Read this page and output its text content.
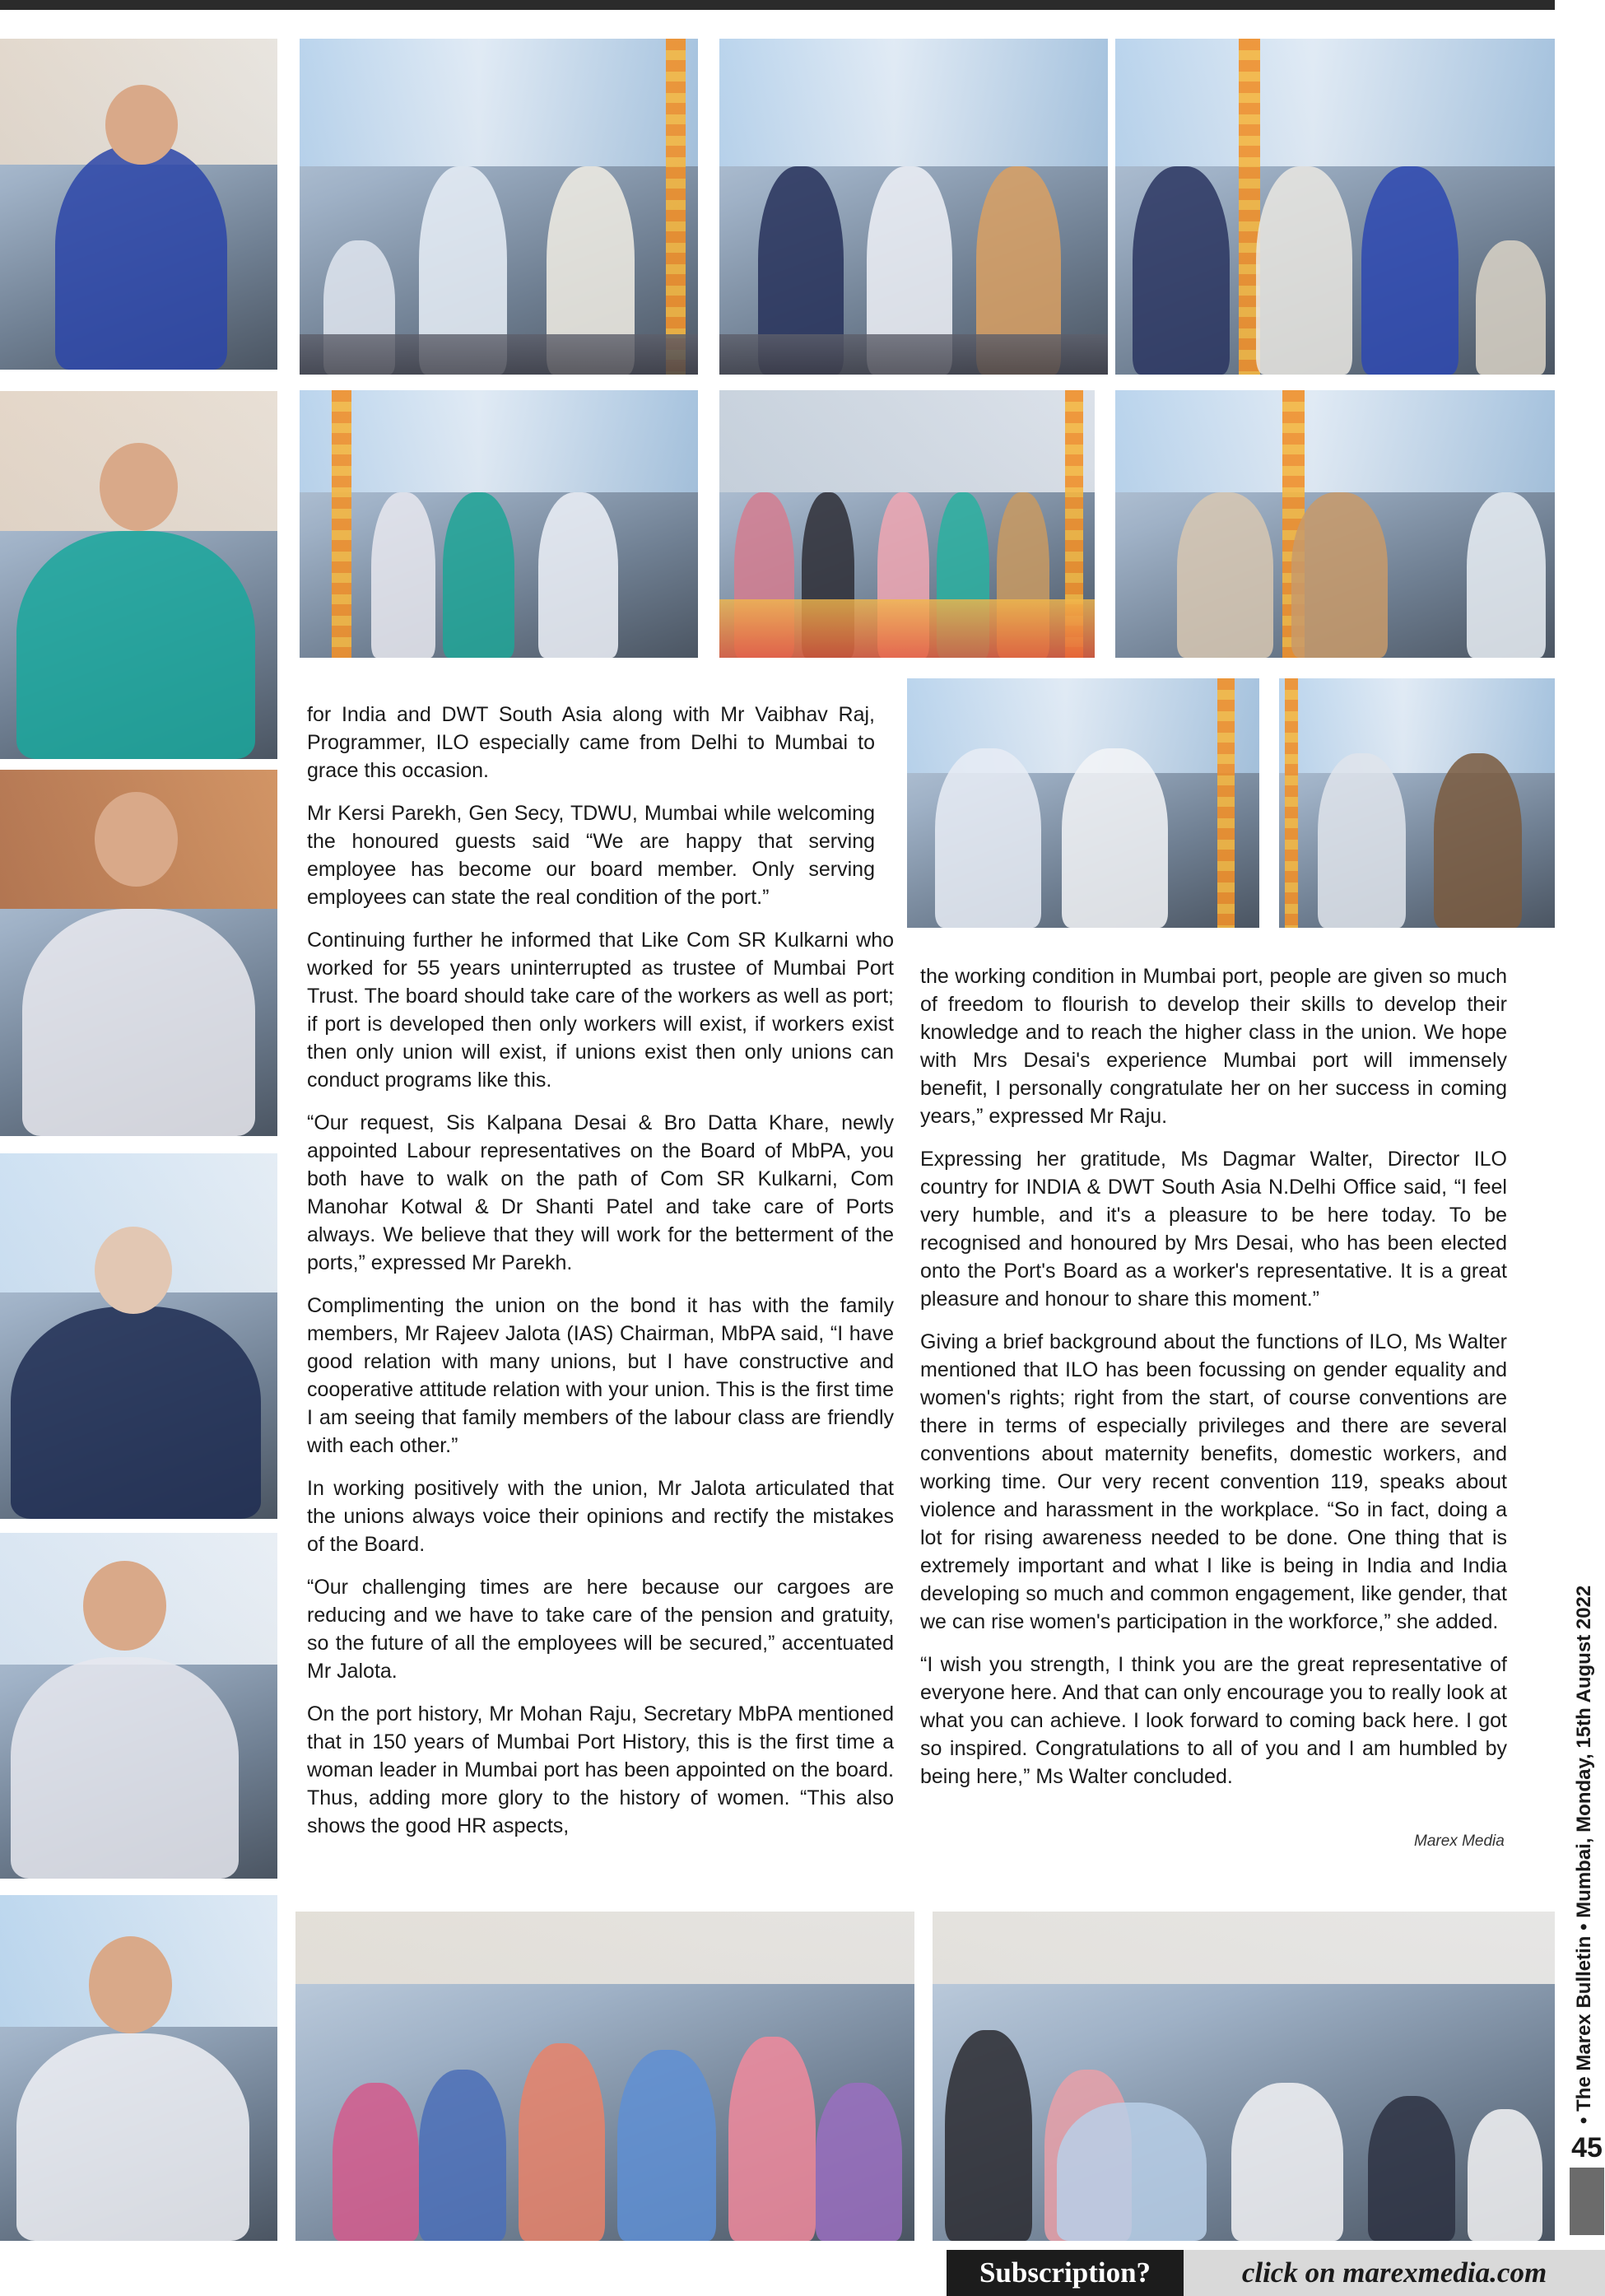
for India and DWT South Asia along with Mr Vaibhav Raj, Programmer, ILO especially came from Delhi to Mumbai to grace this occasion.

Mr Kersi Parekh, Gen Secy, TDWU, Mumbai while welcoming the honoured guests said “We are happy that serving employee has become our board member. Only serving employees can state the real condition of the port.”

Continuing further he informed that Like Com SR Kulkarni who worked for 55 years uninterrupted as trustee of Mumbai Port Trust. The board should take care of the workers as well as port; if port is developed then only workers will exist, if workers exist then only union will exist, if unions exist then only unions can conduct programs like this.

“Our request, Sis Kalpana Desai & Bro Datta Khare, newly appointed Labour representatives on the Board of MbPA, you both have to walk on the path of Com SR Kulkarni, Com Manohar Kotwal & Dr Shanti Patel and take care of Ports always. We believe that they will work for the betterment of the ports,” expressed Mr Parekh.

Complimenting the union on the bond it has with the family members, Mr Rajeev Jalota (IAS) Chairman, MbPA said, “I have good relation with many unions, but I have constructive and cooperative attitude relation with your union. This is the first time I am seeing that family members of the labour class are friendly with each other.”

In working positively with the union, Mr Jalota articulated that the unions always voice their opinions and rectify the mistakes of the Board.

“Our challenging times are here because our cargoes are reducing and we have to take care of the pension and gratuity, so the future of all the employees will be secured,” accentuated Mr Jalota.

On the port history, Mr Mohan Raju, Secretary MbPA mentioned that in 150 years of Mumbai Port History, this is the first time a woman leader in Mumbai port has been appointed on the board. Thus, adding more glory to the history of women. “This also shows the good HR aspects,

the working condition in Mumbai port, people are given so much of freedom to flourish to develop their skills to develop their knowledge and to reach the higher class in the union. We hope with Mrs Desai's experience Mumbai port will immensely benefit, I personally congratulate her on her success in coming years,” expressed Mr Raju.

Expressing her gratitude, Ms Dagmar Walter, Director ILO country for INDIA & DWT South Asia N.Delhi Office said, “I feel very humble, and it's a pleasure to be here today. To be recognised and honoured by Mrs Desai, who has been elected onto the Port's Board as a worker's representative. It is a great pleasure and honour to share this moment.”

Giving a brief background about the functions of ILO, Ms Walter mentioned that ILO has been focussing on gender equality and women's rights; right from the start, of course conventions are there in terms of especially privileges and there are several conventions about maternity benefits, domestic workers, and working time. Our very recent convention 119, speaks about violence and harassment in the workplace. “So in fact, doing a lot for rising awareness needed to be done. One thing that is extremely important and what I like is being in India and India developing so much and common engagement, like gender, that we can rise women's participation in the workforce,” she added.

“I wish you strength, I think you are the great representative of everyone here. And that can only encourage you to really look at what you can achieve. I look forward to coming back here. I got so inspired. Congratulations to all of you and I am humbled by being here,” Ms Walter concluded.

Marex Media	• The Marex Bulletin • Mumbai, Monday, 15th August 2022
45
Subscription?	click on marexmedia.com
